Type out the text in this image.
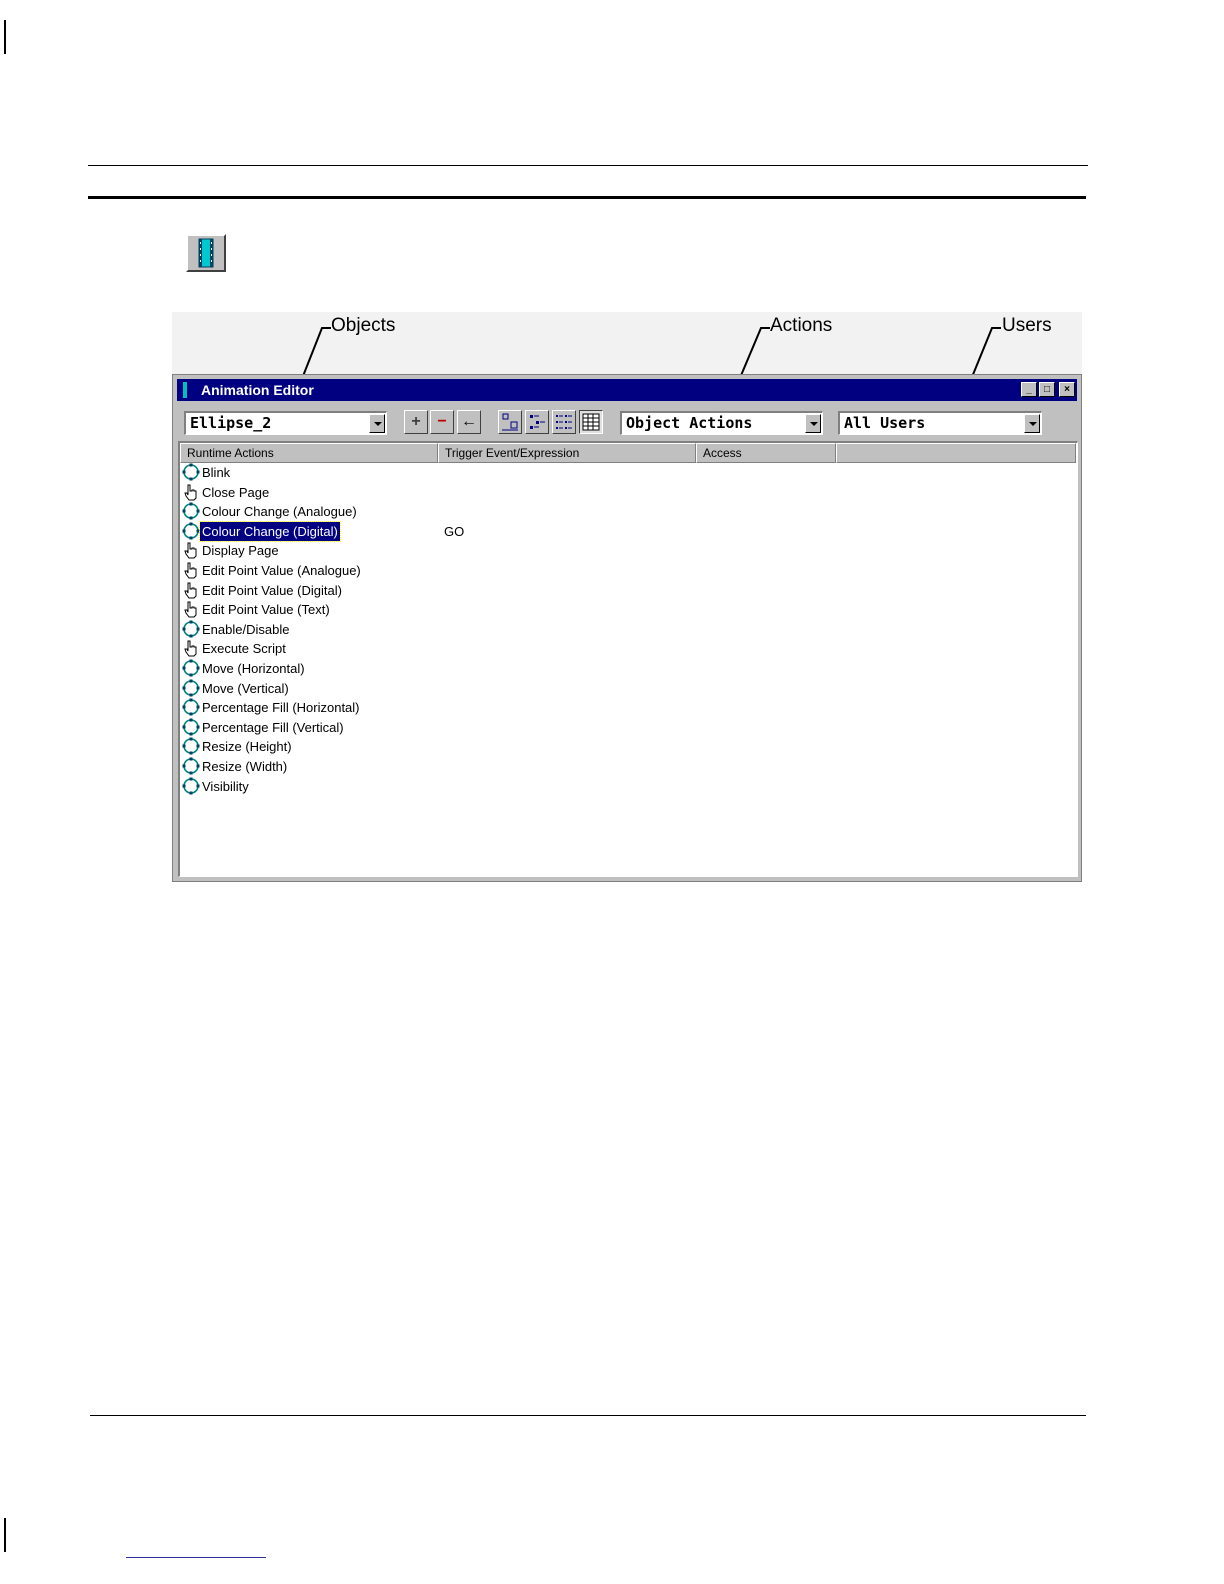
Objects	Actions	Users
Animation Editor	_	□	×
Ellipse_2	+	− ←	Object Actions	All Users
Runtime Actions	Trigger Event/Expression	Access
Blink
Close Page
Colour Change (Analogue)
Colour Change (Digital)	GO
Display Page
Edit Point Value (Analogue)
Edit Point Value (Digital)
Edit Point Value (Text)
Enable/Disable
Execute Script
Move (Horizontal)
Move (Vertical)
Percentage Fill (Horizontal)
Percentage Fill (Vertical)
Resize (Height)
Resize (Width)
Visibility
